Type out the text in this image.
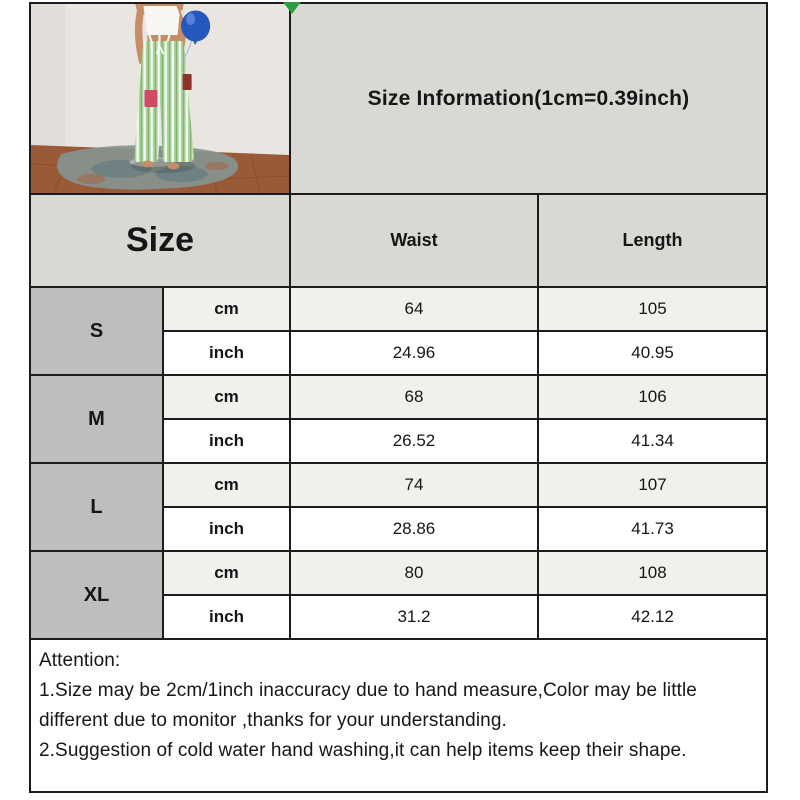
	Size Information(1cm=0.39inch)	
Size		Waist	Length
S	cm	64	105
	inch	24.96	40.95
M	cm	68	106
	inch	26.52	41.34
L	cm	74	107
	inch	28.86	41.73
XL	cm	80	108
	inch	31.2	42.12
Attention:
1.Size may be 2cm/1inch inaccuracy due to hand measure,Color may be little different due to monitor ,thanks for your understanding.
2.Suggestion of cold water hand washing,it can help items keep their shape.
